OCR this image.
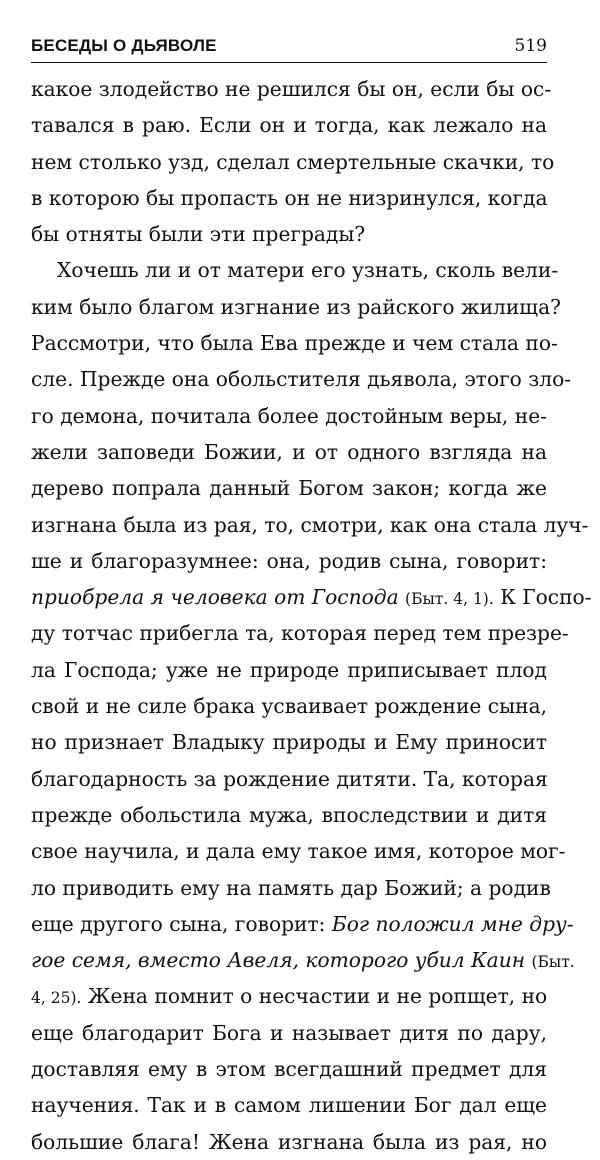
БЕСЕДЫ О ДЬЯВОЛЕ	519
какое злодейство не решился бы он, если бы ос-
тавался в раю. Если он и тогда, как лежало на
нем столько узд, сделал смертельные скачки, то
в которою бы пропасть он не низринулся, когда
бы отняты были эти преграды?
Хочешь ли и от матери его узнать, сколь вели-
ким было благом изгнание из райского жилища?
Рассмотри, что была Ева прежде и чем стала по-
сле. Прежде она обольстителя дьявола, этого зло-
го демона, почитала более достойным веры, не-
жели заповеди Божии, и от одного взгляда на
дерево попрала данный Богом закон; когда же
изгнана была из рая, то, смотри, как она стала луч-
ше и благоразумнее: она, родив сына, говорит:
приобрела я человека от Господа (Быт. 4, 1). К Госпо-
ду тотчас прибегла та, которая перед тем презре-
ла Господа; уже не природе приписывает плод
свой и не силе брака усваивает рождение сына,
но признает Владыку природы и Ему приносит
благодарность за рождение дитяти. Та, которая
прежде обольстила мужа, впоследствии и дитя
свое научила, и дала ему такое имя, которое мог-
ло приводить ему на память дар Божий; а родив
еще другого сына, говорит: Бог положил мне дру-
гое семя, вместо Авеля, которого убил Каин (Быт.
4, 25). Жена помнит о несчастии и не ропщет, но
еще благодарит Бога и называет дитя по дару,
доставляя ему в этом всегдашний предмет для
научения. Так и в самом лишении Бог дал еще
большие блага! Жена изгнана была из рая, но
